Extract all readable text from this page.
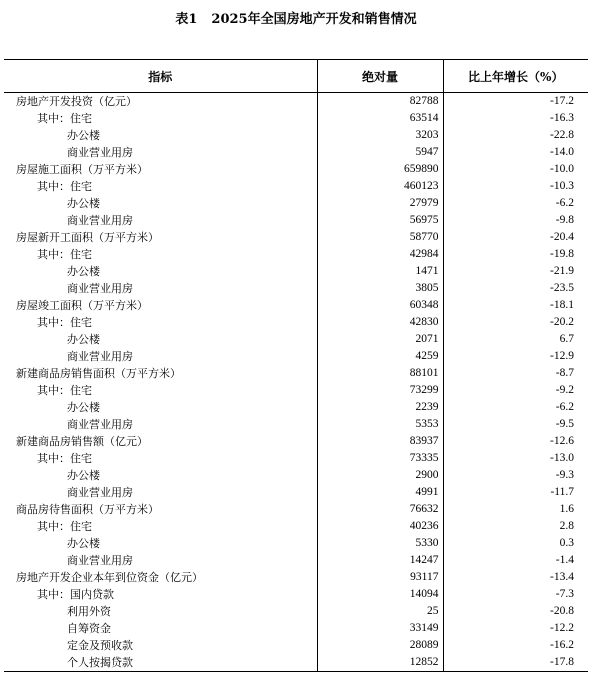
表1 2025年全国房地产开发和销售情况
指标	绝对量	比上年增长（%）
房地产开发投资（亿元）	82788	-17.2
其中：住宅	63514	-16.3
办公楼	3203	-22.8
商业营业用房	5947	-14.0
房屋施工面积（万平方米）	659890	-10.0
其中：住宅	460123	-10.3
办公楼	27979	-6.2
商业营业用房	56975	-9.8
房屋新开工面积（万平方米）	58770	-20.4
其中：住宅	42984	-19.8
办公楼	1471	-21.9
商业营业用房	3805	-23.5
房屋竣工面积（万平方米）	60348	-18.1
其中：住宅	42830	-20.2
办公楼	2071	6.7
商业营业用房	4259	-12.9
新建商品房销售面积（万平方米）	88101	-8.7
其中：住宅	73299	-9.2
办公楼	2239	-6.2
商业营业用房	5353	-9.5
新建商品房销售额（亿元）	83937	-12.6
其中：住宅	73335	-13.0
办公楼	2900	-9.3
商业营业用房	4991	-11.7
商品房待售面积（万平方米）	76632	1.6
其中：住宅	40236	2.8
办公楼	5330	0.3
商业营业用房	14247	-1.4
房地产开发企业本年到位资金（亿元）	93117	-13.4
其中：国内贷款	14094	-7.3
利用外资	25	-20.8
自筹资金	33149	-12.2
定金及预收款	28089	-16.2
个人按揭贷款	12852	-17.8
